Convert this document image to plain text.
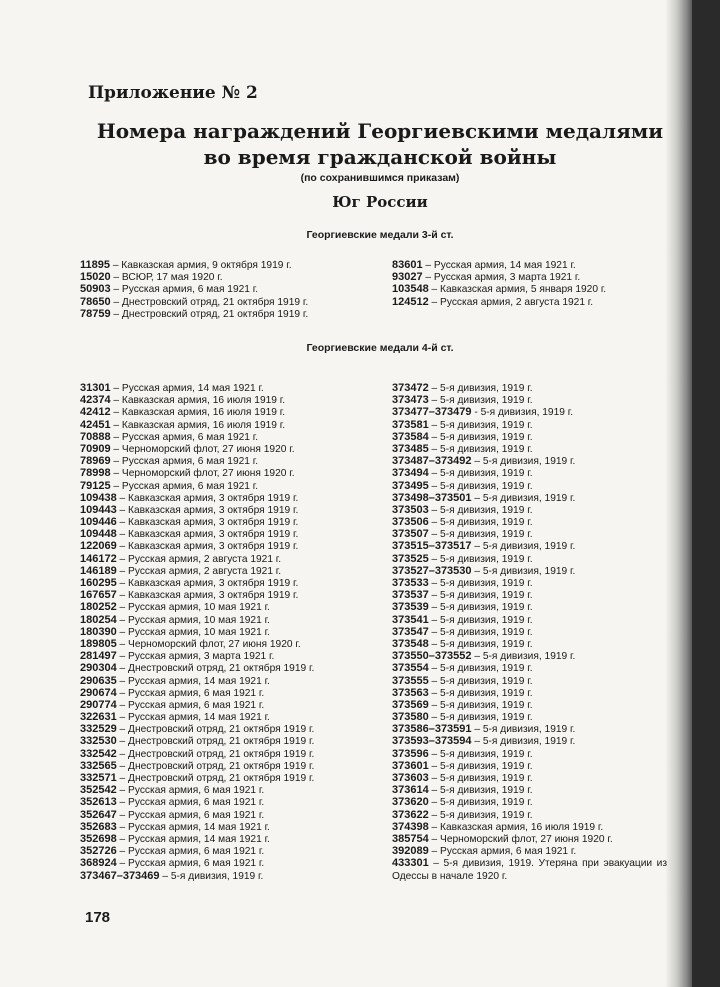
Приложение № 2
Номера награждений Георгиевскими медалями
во время гражданской войны
(по сохранившимся приказам)
Юг России
Георгиевские медали 3-й ст.
11895 – Кавказская армия, 9 октября 1919 г.
15020 – ВСЮР, 17 мая 1920 г.
50903 – Русская армия, 6 мая 1921 г.
78650 – Днестровский отряд, 21 октября 1919 г.
78759 – Днестровский отряд, 21 октября 1919 г.
83601 – Русская армия, 14 мая 1921 г.
93027 – Русская армия, 3 марта 1921 г.
103548 – Кавказская армия, 5 января 1920 г.
124512 – Русская армия, 2 августа 1921 г.
Георгиевские медали 4-й ст.
31301 – Русская армия, 14 мая 1921 г.
42374 – Кавказская армия, 16 июля 1919 г.
42412 – Кавказская армия, 16 июля 1919 г.
42451 – Кавказская армия, 16 июля 1919 г.
70888 – Русская армия, 6 мая 1921 г.
70909 – Черноморский флот, 27 июня 1920 г.
78969 – Русская армия, 6 мая 1921 г.
78998 – Черноморский флот, 27 июня 1920 г.
79125 – Русская армия, 6 мая 1921 г.
109438 – Кавказская армия, 3 октября 1919 г.
109443 – Кавказская армия, 3 октября 1919 г.
109446 – Кавказская армия, 3 октября 1919 г.
109448 – Кавказская армия, 3 октября 1919 г.
122069 – Кавказская армия, 3 октября 1919 г.
146172 – Русская армия, 2 августа 1921 г.
146189 – Русская армия, 2 августа 1921 г.
160295 – Кавказская армия, 3 октября 1919 г.
167657 – Кавказская армия, 3 октября 1919 г.
180252 – Русская армия, 10 мая 1921 г.
180254 – Русская армия, 10 мая 1921 г.
180390 – Русская армия, 10 мая 1921 г.
189805 – Черноморский флот, 27 июня 1920 г.
281497 – Русская армия, 3 марта 1921 г.
290304 – Днестровский отряд, 21 октября 1919 г.
290635 – Русская армия, 14 мая 1921 г.
290674 – Русская армия, 6 мая 1921 г.
290774 – Русская армия, 6 мая 1921 г.
322631 – Русская армия, 14 мая 1921 г.
332529 – Днестровский отряд, 21 октября 1919 г.
332530 – Днестровский отряд, 21 октября 1919 г.
332542 – Днестровский отряд, 21 октября 1919 г.
332565 – Днестровский отряд, 21 октября 1919 г.
332571 – Днестровский отряд, 21 октября 1919 г.
352542 – Русская армия, 6 мая 1921 г.
352613 – Русская армия, 6 мая 1921 г.
352647 – Русская армия, 6 мая 1921 г.
352683 – Русская армия, 14 мая 1921 г.
352698 – Русская армия, 14 мая 1921 г.
352726 – Русская армия, 6 мая 1921 г.
368924 – Русская армия, 6 мая 1921 г.
373467–373469 – 5-я дивизия, 1919 г.
373472 – 5-я дивизия, 1919 г.
373473 – 5-я дивизия, 1919 г.
373477–373479 - 5-я дивизия, 1919 г.
373581 – 5-я дивизия, 1919 г.
373584 – 5-я дивизия, 1919 г.
373485 – 5-я дивизия, 1919 г.
373487–373492 – 5-я дивизия, 1919 г.
373494 – 5-я дивизия, 1919 г.
373495 – 5-я дивизия, 1919 г.
373498–373501 – 5-я дивизия, 1919 г.
373503 – 5-я дивизия, 1919 г.
373506 – 5-я дивизия, 1919 г.
373507 – 5-я дивизия, 1919 г.
373515–373517 – 5-я дивизия, 1919 г.
373525 – 5-я дивизия, 1919 г.
373527–373530 – 5-я дивизия, 1919 г.
373533 – 5-я дивизия, 1919 г.
373537 – 5-я дивизия, 1919 г.
373539 – 5-я дивизия, 1919 г.
373541 – 5-я дивизия, 1919 г.
373547 – 5-я дивизия, 1919 г.
373548 – 5-я дивизия, 1919 г.
373550–373552 – 5-я дивизия, 1919 г.
373554 – 5-я дивизия, 1919 г.
373555 – 5-я дивизия, 1919 г.
373563 – 5-я дивизия, 1919 г.
373569 – 5-я дивизия, 1919 г.
373580 – 5-я дивизия, 1919 г.
373586–373591 – 5-я дивизия, 1919 г.
373593–373594 – 5-я дивизия, 1919 г.
373596 – 5-я дивизия, 1919 г.
373601 – 5-я дивизия, 1919 г.
373603 – 5-я дивизия, 1919 г.
373614 – 5-я дивизия, 1919 г.
373620 – 5-я дивизия, 1919 г.
373622 – 5-я дивизия, 1919 г.
374398 – Кавказская армия, 16 июля 1919 г.
385754 – Черноморский флот, 27 июня 1920 г.
392089 – Русская армия, 6 мая 1921 г.
433301 – 5-я дивизия, 1919. Утеряна при эвакуации из Одессы в начале 1920 г.
178
